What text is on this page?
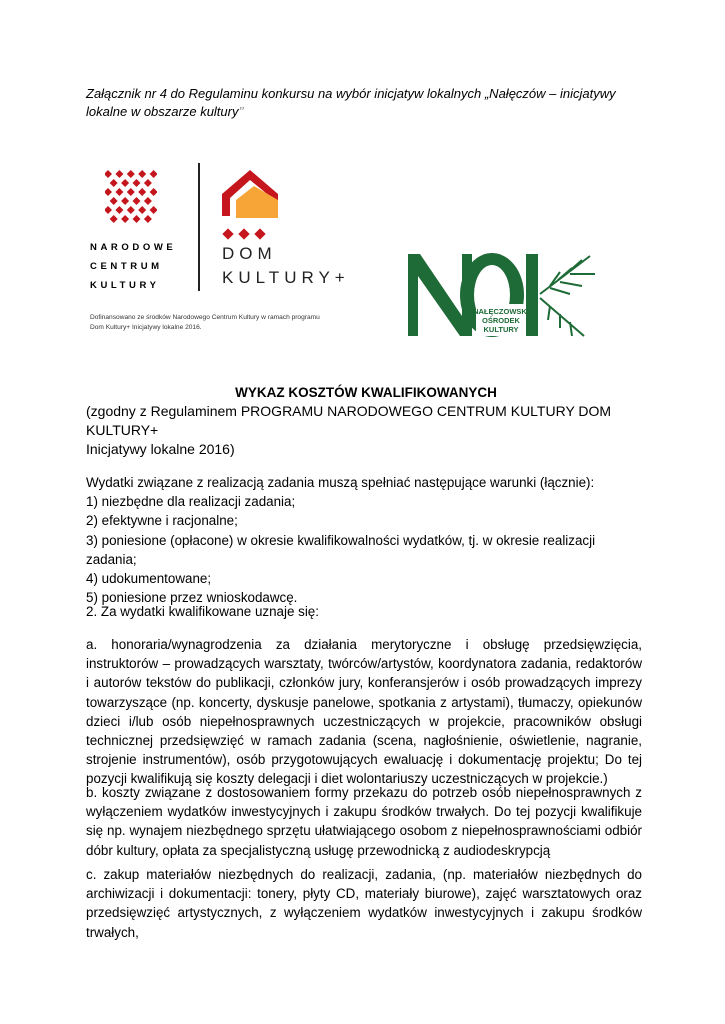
Załącznik nr 4 do Regulaminu konkursu na wybór inicjatyw lokalnych „Nałęczów – inicjatywy lokalne w obszarze kultury’’
NARODOWE
CENTRUM
KULTURY
DOM
KULTURY+
NAŁĘCZOWSKI
OŚRODEK
KULTURY
Dofinansowano ze środków Narodowego Centrum Kultury w ramach programu
Dom Kultury+ Inicjatywy lokalne 2016.
WYKAZ KOSZTÓW KWALIFIKOWANYCH
(zgodny z Regulaminem PROGRAMU NARODOWEGO CENTRUM KULTURY DOM KULTURY+
Inicjatywy lokalne 2016)
Wydatki związane z realizacją zadania muszą spełniać następujące warunki (łącznie):
1) niezbędne dla realizacji zadania;
2) efektywne i racjonalne;
3) poniesione (opłacone) w okresie kwalifikowalności wydatków, tj. w okresie realizacji
zadania;
4) udokumentowane;
5) poniesione przez wnioskodawcę.
2. Za wydatki kwalifikowane uznaje się:
a. honoraria/wynagrodzenia za działania merytoryczne i obsługę przedsięwzięcia, instruktorów – prowadzących warsztaty, twórców/artystów, koordynatora zadania, redaktorów i autorów tekstów do publikacji, członków jury, konferansjerów i osób prowadzących imprezy towarzyszące (np. koncerty, dyskusje panelowe, spotkania z artystami), tłumaczy, opiekunów dzieci i/lub osób niepełnosprawnych uczestniczących w projekcie, pracowników obsługi technicznej przedsięwzięć w ramach zadania (scena, nagłośnienie, oświetlenie, nagranie, strojenie instrumentów), osób przygotowujących ewaluację i dokumentację projektu; Do tej pozycji kwalifikują się koszty delegacji i diet wolontariuszy uczestniczących w projekcie.)
b. koszty związane z dostosowaniem formy przekazu do potrzeb osób niepełnosprawnych z wyłączeniem wydatków inwestycyjnych i zakupu środków trwałych. Do tej pozycji kwalifikuje się np. wynajem niezbędnego sprzętu ułatwiającego osobom z niepełnosprawnościami odbiór dóbr kultury, opłata za specjalistyczną usługę przewodnicką z audiodeskrypcją
c. zakup materiałów niezbędnych do realizacji, zadania, (np. materiałów niezbędnych do archiwizacji i dokumentacji: tonery, płyty CD, materiały biurowe), zajęć warsztatowych oraz przedsięwzięć artystycznych, z wyłączeniem wydatków inwestycyjnych i zakupu środków trwałych,
